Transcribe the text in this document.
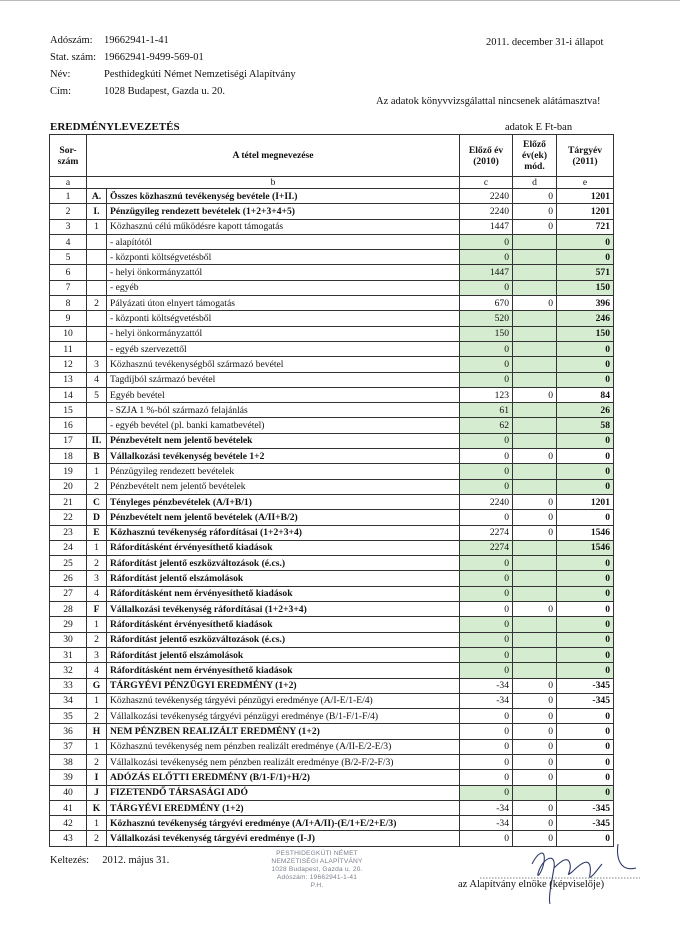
Adószám:	19662941-1-41
Stat. szám: 19662941-9499-569-01
Név:	Pesthidegkúti Német Nemzetiségi Alapítvány
Cím:	1028 Budapest, Gazda u. 20.
2011. december 31-i állapot
Az adatok könyvvizsgálattal nincsenek alátámasztva!
EREDMÉNYLEVEZETÉS	adatok E Ft-ban
Sor-szám	A tétel megnevezése		Előző év (2010)	Előző év(ek) mód.	Tárgyév (2011)
a	b		c	d	e
1	A.	Összes közhasznú tevékenység bevétele (I+II.)	2240	0	1201
2	I.	Pénzügyileg rendezett bevételek (1+2+3+4+5)	2240	0	1201
3	1	Közhasznú célú működésre kapott támogatás	1447	0	721
4		- alapítótól	0		0
5		- központi költségvetésből	0		0
6		- helyi önkormányzattól	1447		571
7		- egyéb	0		150
8	2	Pályázati úton elnyert támogatás	670	0	396
9		- központi költségvetésből	520		246
10		- helyi önkormányzattól	150		150
11		- egyéb szervezettől	0		0
12	3	Közhasznú tevékenységből származó bevétel	0		0
13	4	Tagdíjból származó bevétel	0		0
14	5	Egyéb bevétel	123	0	84
15		- SZJA 1 %-ból származó felajánlás	61		26
16		- egyéb bevétel (pl. banki kamatbevétel)	62		58
17	II.	Pénzbevételt nem jelentő bevételek	0		0
18	B	Vállalkozási tevékenység bevétele 1+2	0	0	0
19	1	Pénzügyileg rendezett bevételek	0		0
20	2	Pénzbevételt nem jelentő bevételek	0		0
21	C	Tényleges pénzbevételek (A/I+B/1)	2240	0	1201
22	D	Pénzbevételt nem jelentő bevételek (A/II+B/2)	0	0	0
23	E	Közhasznú tevékenység ráfordításai (1+2+3+4)	2274	0	1546
24	1	Ráfordításként érvényesíthető kiadások	2274		1546
25	2	Ráfordítást jelentő eszközváltozások (é.cs.)	0		0
26	3	Ráfordítást jelentő elszámolások	0		0
27	4	Ráfordításként nem érvényesíthető kiadások	0		0
28	F	Vállalkozási tevékenység ráfordításai (1+2+3+4)	0	0	0
29	1	Ráfordításként érvényesíthető kiadások	0		0
30	2	Ráfordítást jelentő eszközváltozások (é.cs.)	0		0
31	3	Ráfordítást jelentő elszámolások	0		0
32	4	Ráfordításként nem érvényesíthető kiadások	0		0
33	G	TÁRGYÉVI PÉNZÜGYI EREDMÉNY (1+2)	-34	0	-345
34	1	Közhasznú tevékenység tárgyévi pénzügyi eredménye (A/I-E/1-E/4)	-34	0	-345
35	2	Vállalkozási tevékenység tárgyévi pénzügyi eredménye (B/1-F/1-F/4)	0	0	0
36	H	NEM PÉNZBEN REALIZÁLT EREDMÉNY (1+2)	0	0	0
37	1	Közhasznú tevékenység nem pénzben realizált eredménye (A/II-E/2-E/3)	0	0	0
38	2	Vállalkozási tevékenység nem pénzben realizált eredménye (B/2-F/2-F/3)	0	0	0
39	I	ADÓZÁS ELŐTTI EREDMÉNY (B/1-F/1)+H/2)	0	0	0
40	J	FIZETENDŐ TÁRSASÁGI ADÓ	0		0
41	K	TÁRGYÉVI EREDMÉNY (1+2)	-34	0	-345
42	1	Közhasznú tevékenység tárgyévi eredménye (A/I+A/II)-(E/1+E/2+E/3)	-34	0	-345
43	2	Vállalkozási tevékenység tárgyévi eredménye (I-J)	0	0	0
Keltezés: 2012. május 31.
PESTHIDEGKÚTI NÉMET
NEMZETISÉGI ALAPÍTVÁNY
1028 Budapest, Gazda u. 20.
Adószám: 19662941-1-41
P.H.	az Alapítvány elnöke (képviselője)
